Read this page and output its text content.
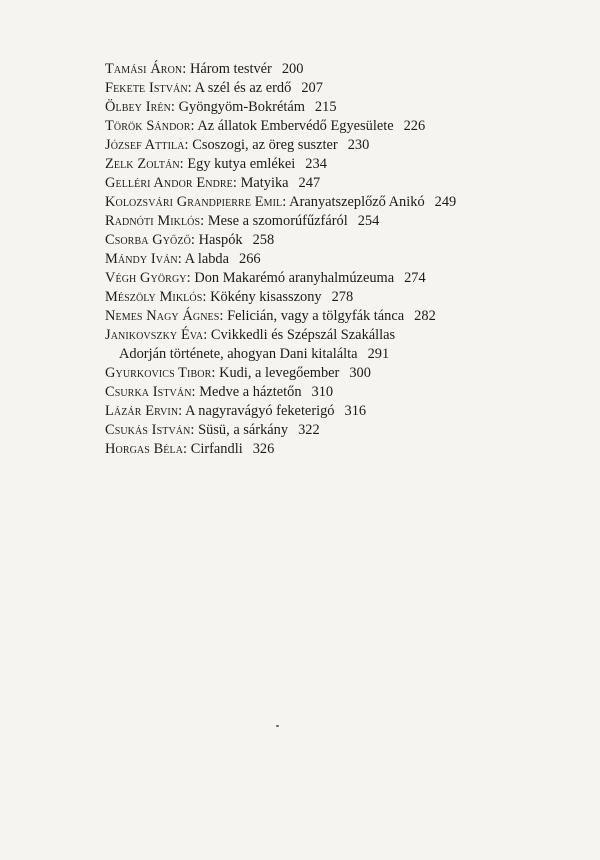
Tamási Áron: Három testvér 200
Fekete István: A szél és az erdő 207
Ölbey Irén: Gyöngyöm-Bokrétám 215
Török Sándor: Az állatok Embervédő Egyesülete 226
József Attila: Csoszogi, az öreg suszter 230
Zelk Zoltán: Egy kutya emlékei 234
Gelléri Andor Endre: Matyika 247
Kolozsvári Grandpierre Emil: Aranyatszeplőző Anikó 249
Radnóti Miklós: Mese a szomorúfűzfáról 254
Csorba Győző: Haspók 258
Mándy Iván: A labda 266
Végh György: Don Makarémó aranyhalmúzeuma 274
Mészöly Miklós: Kökény kisasszony 278
Nemes Nagy Ágnes: Felicián, vagy a tölgyfák tánca 282
Janikovszky Éva: Cvikkedli és Szépszál Szakállas
Adorján története, ahogyan Dani kitalálta 291
Gyurkovics Tibor: Kudi, a levegőember 300
Csurka István: Medve a háztetőn 310
Lázár Ervin: A nagyravágyó feketerigó 316
Csukás István: Süsü, a sárkány 322
Horgas Béla: Cirfandli 326
